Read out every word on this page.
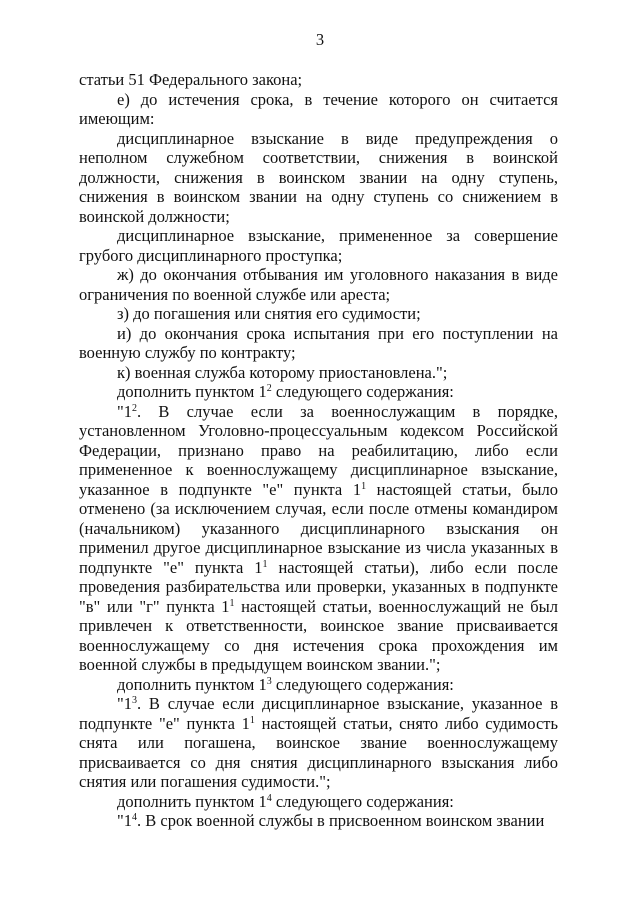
3

статьи 51 Федерального закона;

е) до истечения срока, в течение которого он считается имеющим:

дисциплинарное взыскание в виде предупреждения о неполном служебном соответствии, снижения в воинской должности, снижения в воинском звании на одну ступень, снижения в воинском звании на одну ступень со снижением в воинской должности;

дисциплинарное взыскание, примененное за совершение грубого дисциплинарного проступка;

ж) до окончания отбывания им уголовного наказания в виде ограничения по военной службе или ареста;

з) до погашения или снятия его судимости;

и) до окончания срока испытания при его поступлении на военную службу по контракту;

к) военная служба которому приостановлена.";

дополнить пунктом $1^2$ следующего содержания:

"$1^2$. В случае если за военнослужащим в порядке, установленном Уголовно-процессуальным кодексом Российской Федерации, признано право на реабилитацию, либо если примененное к военнослужащему дисциплинарное взыскание, указанное в подпункте "е" пункта $1^1$ настоящей статьи, было отменено (за исключением случая, если после отмены командиром (начальником) указанного дисциплинарного взыскания он применил другое дисциплинарное взыскание из числа указанных в подпункте "е" пункта $1^1$ настоящей статьи), либо если после проведения разбирательства или проверки, указанных в подпункте "в" или "г" пункта $1^1$ настоящей статьи, военнослужащий не был привлечен к ответственности, воинское звание присваивается военнослужащему со дня истечения срока прохождения им военной службы в предыдущем воинском звании.";

дополнить пунктом $1^3$ следующего содержания:

"$1^3$. В случае если дисциплинарное взыскание, указанное в подпункте "е" пункта $1^1$ настоящей статьи, снято либо судимость снята или погашена, воинское звание военнослужащему присваивается со дня снятия дисциплинарного взыскания либо снятия или погашения судимости.";

дополнить пунктом $1^4$ следующего содержания:

"$1^4$. В срок военной службы в присвоенном воинском звании
